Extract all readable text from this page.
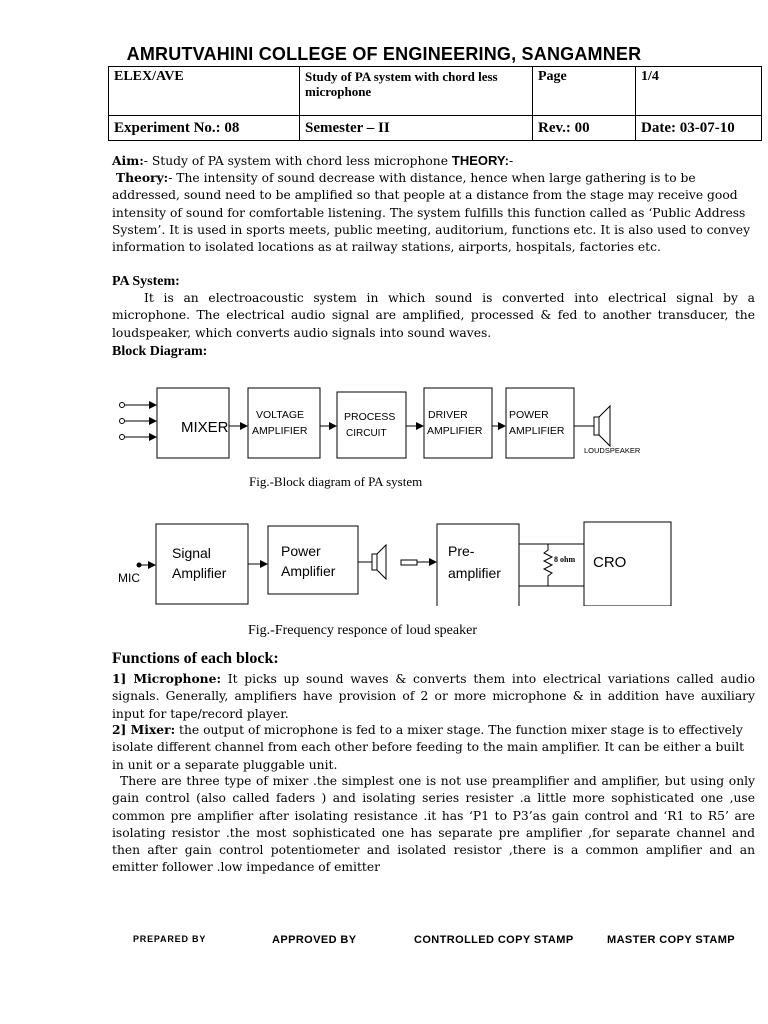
AMRUTVAHINI COLLEGE OF ENGINEERING, SANGAMNER
ELEX/AVE	Study of PA system with chord less microphone	Page	1/4
Experiment No.: 08	Semester – II	Rev.: 00	Date: 03-07-10
Aim:- Study of PA system with chord less microphone THEORY:-
Theory:- The intensity of sound decrease with distance, hence when large gathering is to be addressed, sound need to be amplified so that people at a distance from the stage may receive good intensity of sound for comfortable listening. The system fulfills this function called as ‘Public Address System’. It is used in sports meets, public meeting, auditorium, functions etc. It is also used to convey information to isolated locations as at railway stations, airports, hospitals, factories etc.
PA System:
It is an electroacoustic system in which sound is converted into electrical signal by a microphone. The electrical audio signal are amplified, processed & fed to another transducer, the loudspeaker, which converts audio signals into sound waves.
Block Diagram:
MIXER
VOLTAGE
AMPLIFIER
PROCESS
CIRCUIT
DRIVER
AMPLIFIER
POWER
AMPLIFIER
LOUDSPEAKER
Fig.-Block diagram of PA system
8 ohm
MIC
Signal
Amplifier
Power
Amplifier
Pre-
amplifier
CRO
Fig.-Frequency responce of loud speaker
Functions of each block:
1] Microphone: It picks up sound waves & converts them into electrical variations called audio signals. Generally, amplifiers have provision of 2 or more microphone & in addition have auxiliary input for tape/record player.
2] Mixer: the output of microphone is fed to a mixer stage. The function mixer stage is to effectively isolate different channel from each other before feeding to the main amplifier. It can be either a built in unit or a separate pluggable unit.
There are three type of mixer .the simplest one is not use preamplifier and amplifier, but using only gain control (also called faders ) and isolating series resister .a little more sophisticated one ,use common pre amplifier after isolating resistance .it has ‘P1 to P3’as gain control and ‘R1 to R5’ are isolating resistor .the most sophisticated one has separate pre amplifier ,for separate channel and then after gain control potentiometer and isolated resistor ,there is a common amplifier and an emitter follower .low impedance of emitter
PREPARED BY	APPROVED BY	CONTROLLED COPY STAMP	MASTER COPY STAMP
